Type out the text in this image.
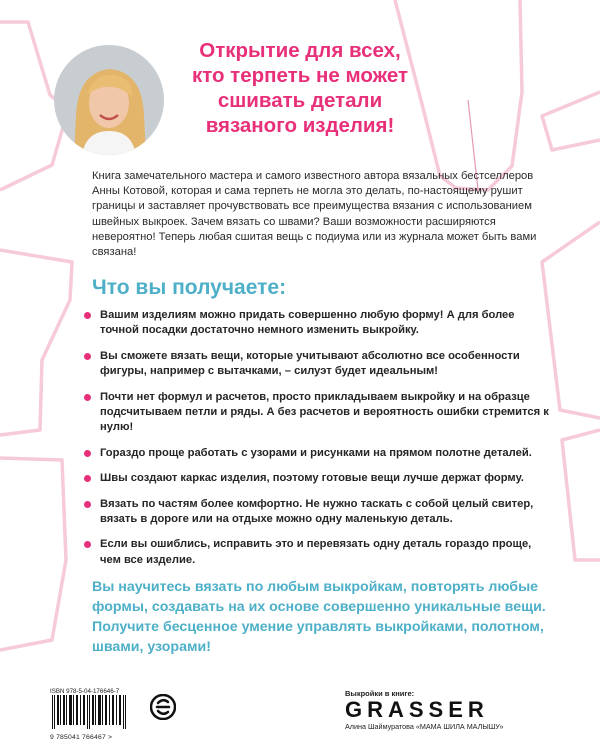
Открытие для всех,
кто терпеть не может
сшивать детали
вязаного изделия!
Книга замечательного мастера и самого известного автора вязальных бестселлеров Анны Котовой, которая и сама терпеть не могла это делать, по-настоящему рушит границы и заставляет прочувствовать все преимущества вязания с использованием швейных выкроек. Зачем вязать со швами? Ваши возможности расширяются невероятно! Теперь любая сшитая вещь с подиума или из журнала может быть вами связана!
Что вы получаете:
Вашим изделиям можно придать совершенно любую форму! А для более точной посадки достаточно немного изменить выкройку.
Вы сможете вязать вещи, которые учитывают абсолютно все особенности фигуры, например с вытачками, – силуэт будет идеальным!
Почти нет формул и расчетов, просто прикладываем выкройку и на образце подсчитываем петли и ряды. А без расчетов и вероятность ошибки стремится к нулю!
Гораздо проще работать с узорами и рисунками на прямом полотне деталей.
Швы создают каркас изделия, поэтому готовые вещи лучше держат форму.
Вязать по частям более комфортно. Не нужно таскать с собой целый свитер, вязать в дороге или на отдыхе можно одну маленькую деталь.
Если вы ошиблись, исправить это и перевязать одну деталь гораздо проще, чем все изделие.
Вы научитесь вязать по любым выкройкам, повторять любые формы, создавать на их основе совершенно уникальные вещи. Получите бесценное умение управлять выкройками, полотном, швами, узорами!
ISBN 978-5-04-176646-7
9 785041 766467 >
Выкройки в книге:
GRASSER
Алина Шаймуратова «МАМА ШИЛА МАЛЫШУ»
